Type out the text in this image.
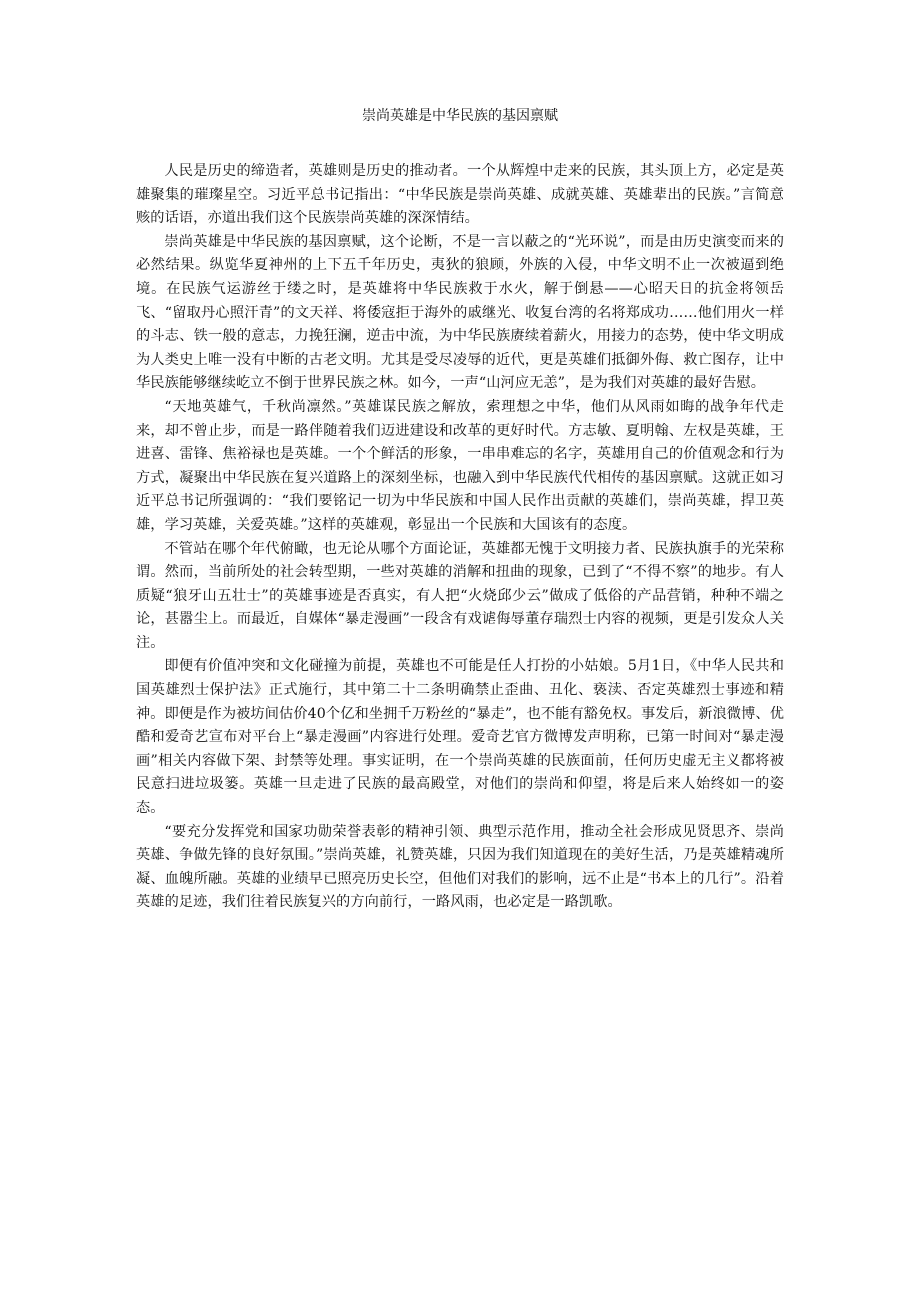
崇尚英雄是中华民族的基因禀赋

人民是历史的缔造者，英雄则是历史的推动者。一个从辉煌中走来的民族，其头顶上方，必定是英雄聚集的璀璨星空。习近平总书记指出：“中华民族是崇尚英雄、成就英雄、英雄辈出的民族。”言简意赅的话语，亦道出我们这个民族崇尚英雄的深深情结。

崇尚英雄是中华民族的基因禀赋，这个论断，不是一言以蔽之的“光环说”，而是由历史演变而来的必然结果。纵览华夏神州的上下五千年历史，夷狄的狼顾，外族的入侵，中华文明不止一次被逼到绝境。在民族气运游丝于缕之时，是英雄将中华民族救于水火，解于倒悬——心昭天日的抗金将领岳飞、“留取丹心照汗青”的文天祥、将倭寇拒于海外的戚继光、收复台湾的名将郑成功……他们用火一样的斗志、铁一般的意志，力挽狂澜，逆击中流，为中华民族赓续着薪火，用接力的态势，使中华文明成为人类史上唯一没有中断的古老文明。尤其是受尽凌辱的近代，更是英雄们抵御外侮、救亡图存，让中华民族能够继续屹立不倒于世界民族之林。如今，一声“山河应无恙”，是为我们对英雄的最好告慰。

“天地英雄气，千秋尚凛然。”英雄谋民族之解放，索理想之中华，他们从风雨如晦的战争年代走来，却不曾止步，而是一路伴随着我们迈进建设和改革的更好时代。方志敏、夏明翰、左权是英雄，王进喜、雷锋、焦裕禄也是英雄。一个个鲜活的形象，一串串难忘的名字，英雄用自己的价值观念和行为方式，凝聚出中华民族在复兴道路上的深刻坐标，也融入到中华民族代代相传的基因禀赋。这就正如习近平总书记所强调的：“我们要铭记一切为中华民族和中国人民作出贡献的英雄们，崇尚英雄，捍卫英雄，学习英雄，关爱英雄。”这样的英雄观，彰显出一个民族和大国该有的态度。

不管站在哪个年代俯瞰，也无论从哪个方面论证，英雄都无愧于文明接力者、民族执旗手的光荣称谓。然而，当前所处的社会转型期，一些对英雄的消解和扭曲的现象，已到了“不得不察”的地步。有人质疑“狼牙山五壮士”的英雄事迹是否真实，有人把“火烧邱少云”做成了低俗的产品营销，种种不端之论，甚嚣尘上。而最近，自媒体“暴走漫画”一段含有戏谑侮辱董存瑞烈士内容的视频，更是引发众人关注。

即便有价值冲突和文化碰撞为前提，英雄也不可能是任人打扮的小姑娘。5月1日，《中华人民共和国英雄烈士保护法》正式施行，其中第二十二条明确禁止歪曲、丑化、亵渎、否定英雄烈士事迹和精神。即便是作为被坊间估价40个亿和坐拥千万粉丝的“暴走”，也不能有豁免权。事发后，新浪微博、优酷和爱奇艺宣布对平台上“暴走漫画”内容进行处理。爱奇艺官方微博发声明称，已第一时间对“暴走漫画”相关内容做下架、封禁等处理。事实证明，在一个崇尚英雄的民族面前，任何历史虚无主义都将被民意扫进垃圾篓。英雄一旦走进了民族的最高殿堂，对他们的崇尚和仰望，将是后来人始终如一的姿态。

“要充分发挥党和国家功勋荣誉表彰的精神引领、典型示范作用，推动全社会形成见贤思齐、崇尚英雄、争做先锋的良好氛围。”崇尚英雄，礼赞英雄，只因为我们知道现在的美好生活，乃是英雄精魂所凝、血魄所融。英雄的业绩早已照亮历史长空，但他们对我们的影响，远不止是“书本上的几行”。沿着英雄的足迹，我们往着民族复兴的方向前行，一路风雨，也必定是一路凯歌。
